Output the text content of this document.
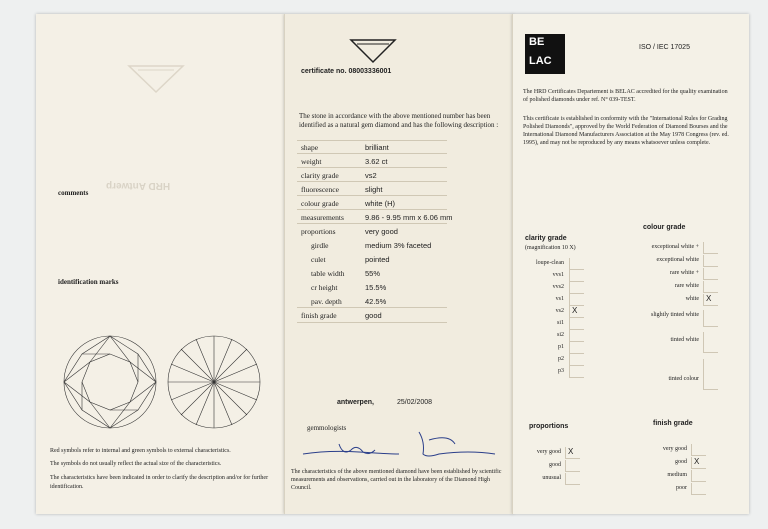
HRD Antwerp
comments
identification marks
Red symbols refer to internal and green symbols to external characteristics.
The symbols do not usually reflect the actual size of the characteristics.
The characteristics have been indicated in order to clarify the description and/or for further identification.
certificate no. 08003336001
The stone in accordance with the above mentioned number has been identified as a natural gem diamond and has the following description :
shape	brilliant
weight	3.62 ct
clarity grade	vs2
fluorescence	slight
colour grade	white (H)
measurements	9.86 - 9.95 mm x 6.06 mm
proportions	very good
girdle	medium 3% faceted
culet	pointed
table width	55%
cr height	15.5%
pav. depth	42.5%
finish grade	good
antwerpen,	25/02/2008
gemmologists
The characteristics of the above mentioned diamond have been established by scientific measurements and observations, carried out in the laboratory of the Diamond High Council.
BE
LAC
ISO / IEC 17025
The HRD Certificates Departement is BELAC accredited for the quality examination of polished diamonds under ref. N° 039-TEST.
This certificate is established in conformity with the "International Rules for Grading Polished Diamonds", approved by the World Federation of Diamond Bourses and the International Diamond Manufacturers Association at the May 1978 Congress (rev. ed. 1995), and may not be reproduced by any means whatsoever unless complete.
clarity grade
(magnification 10 X)
loupe-clean
vvs1
vvs2
vs1
vs2 X
si1
si2
p1
p2
p3
colour grade
exceptional white +
exceptional white
rare white +
rare white
white X
slightly tinted white
tinted white
tinted colour
proportions
very good X
good
unusual
finish grade
very good
good X
medium
poor
